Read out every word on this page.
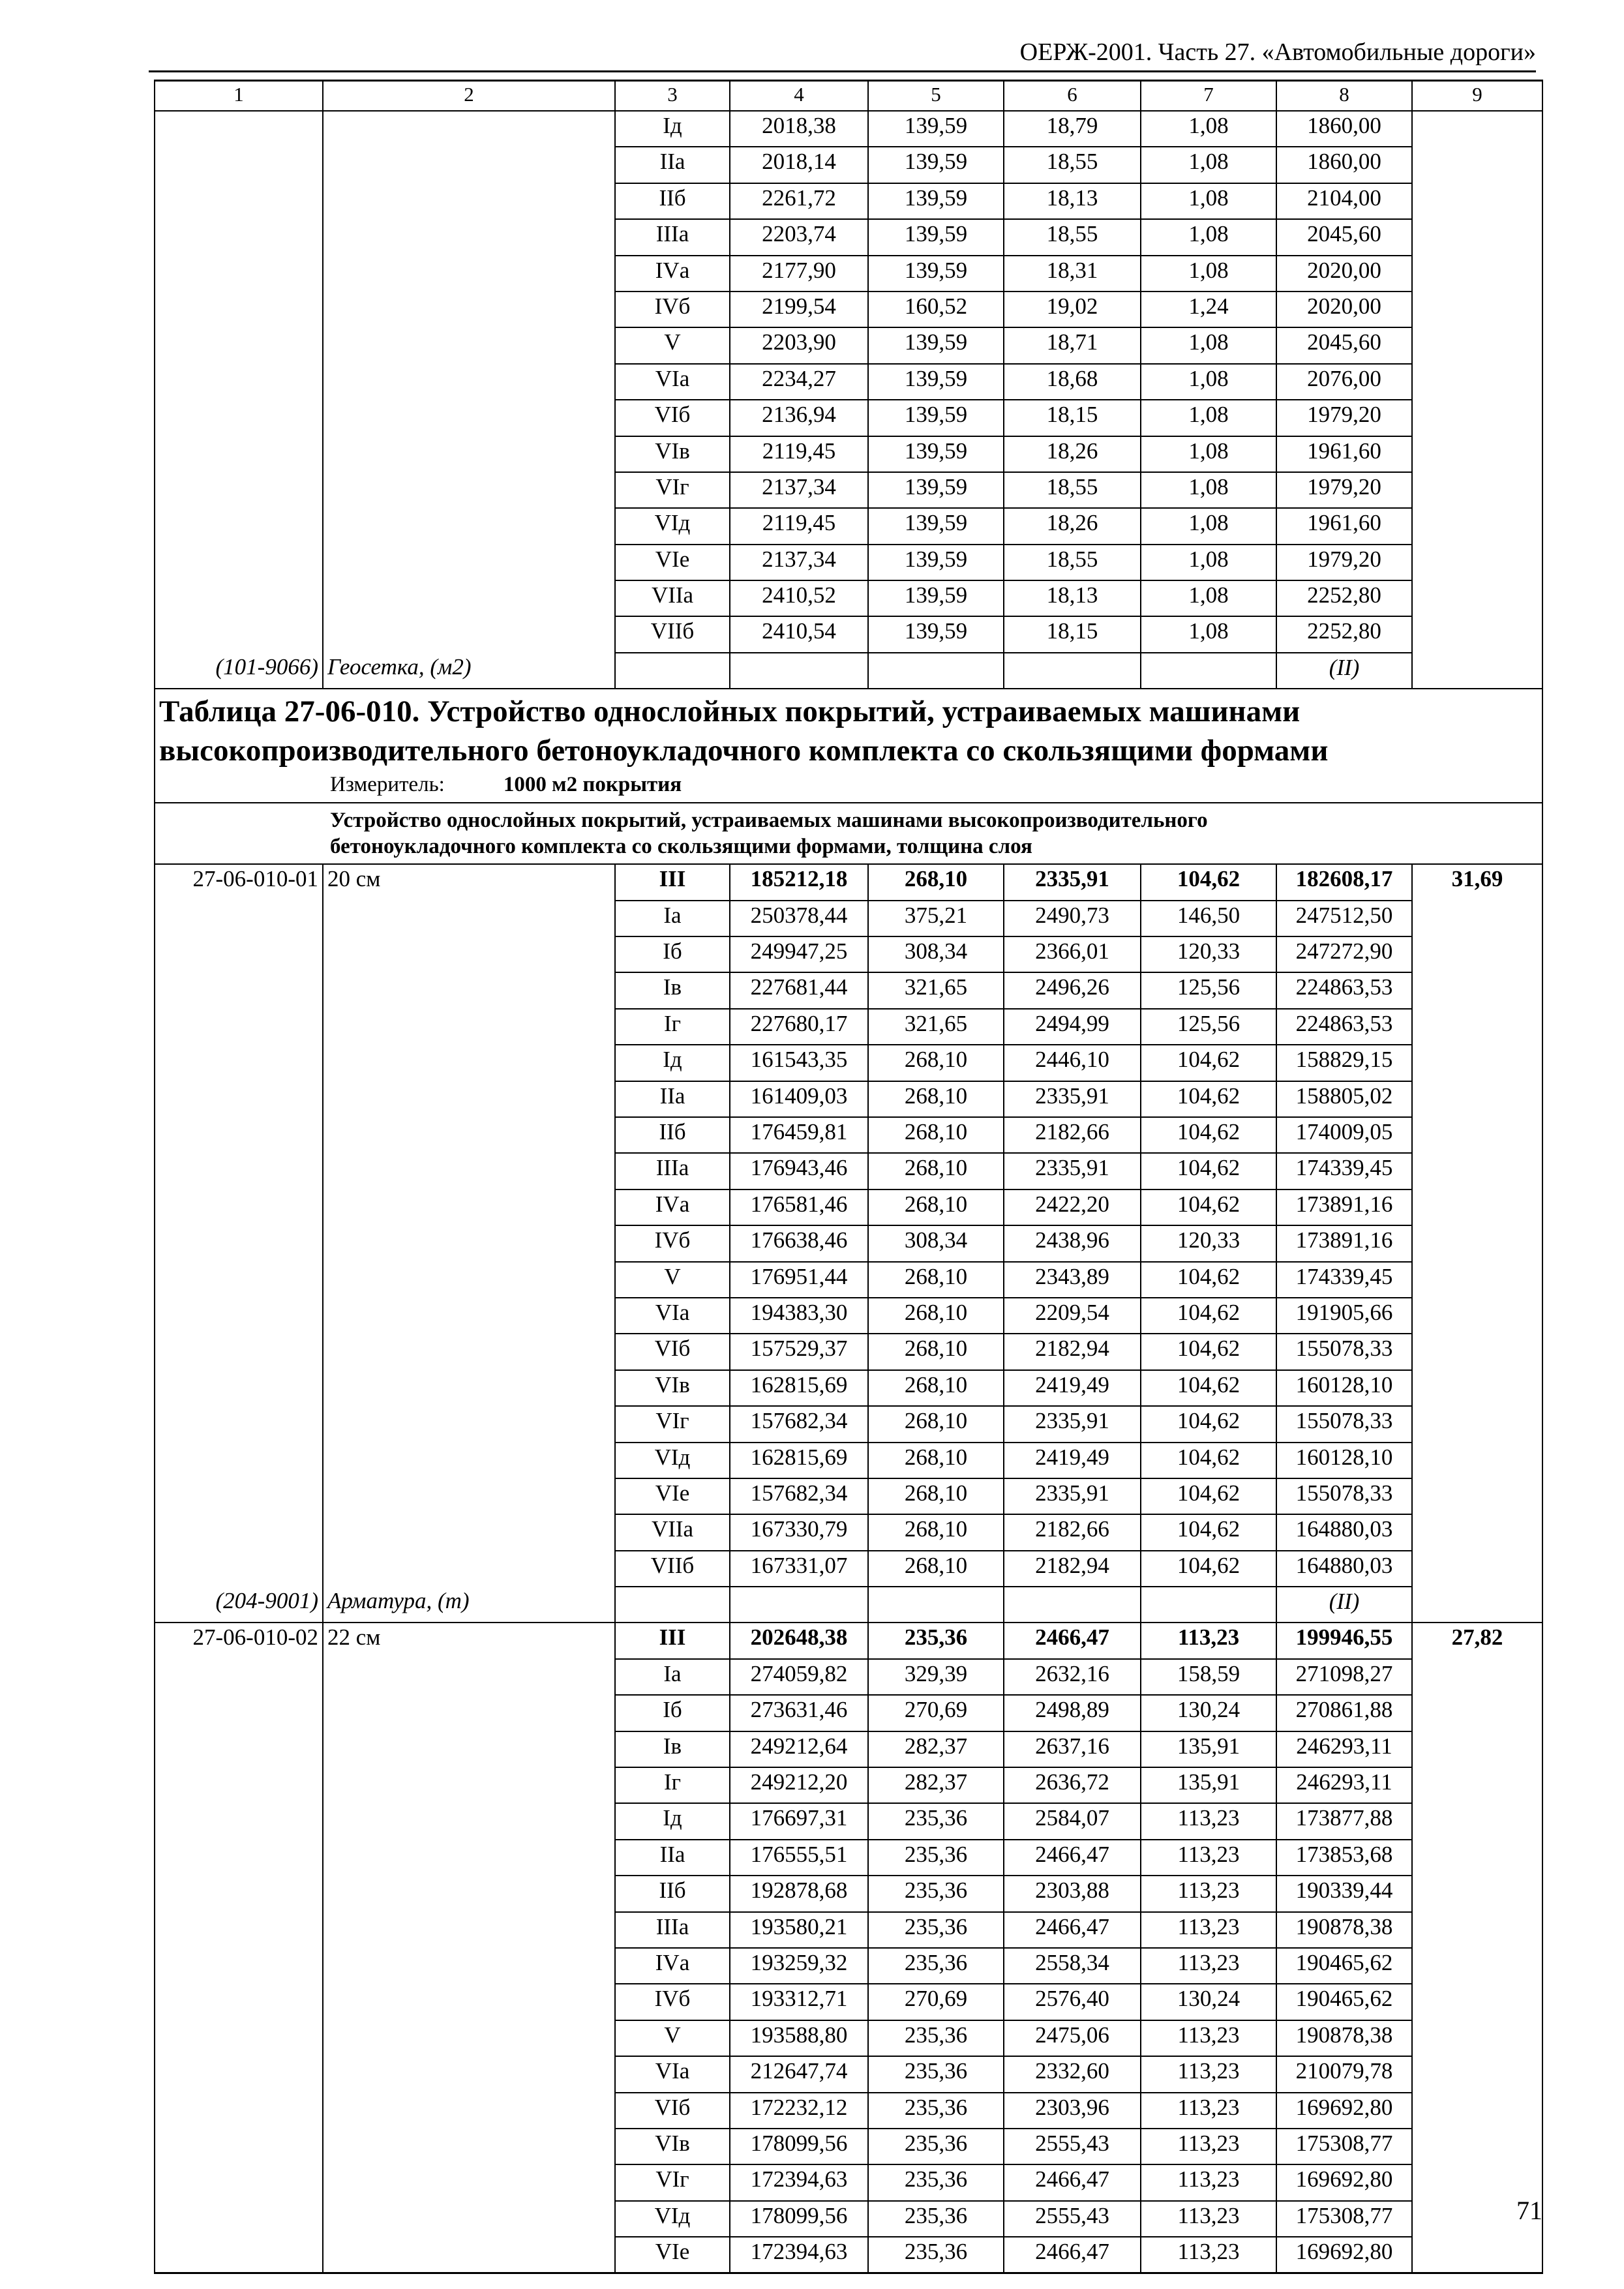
ОЕРЖ-2001. Часть 27. «Автомобильные дороги»
1	2	3	4	5	6	7	8	9
		Iд	2018,38	139,59	18,79	1,08	1860,00	
		IIа	2018,14	139,59	18,55	1,08	1860,00	
		IIб	2261,72	139,59	18,13	1,08	2104,00	
		IIIа	2203,74	139,59	18,55	1,08	2045,60	
		IVа	2177,90	139,59	18,31	1,08	2020,00	
		IVб	2199,54	160,52	19,02	1,24	2020,00	
		V	2203,90	139,59	18,71	1,08	2045,60	
		VIа	2234,27	139,59	18,68	1,08	2076,00	
		VIб	2136,94	139,59	18,15	1,08	1979,20	
		VIв	2119,45	139,59	18,26	1,08	1961,60	
		VIг	2137,34	139,59	18,55	1,08	1979,20	
		VIд	2119,45	139,59	18,26	1,08	1961,60	
		VIе	2137,34	139,59	18,55	1,08	1979,20	
		VIIа	2410,52	139,59	18,13	1,08	2252,80	
		VIIб	2410,54	139,59	18,15	1,08	2252,80	
(101-9066)	Геосетка, (м2)						(II)	

Таблица 27-06-010. Устройство однослойных покрытий, устраиваемых машинами
высокопроизводительного бетоноукладочного комплекта со скользящими формами
Измеритель: 1000 м2 покрытия								

Устройство однослойных покрытий, устраиваемых машинами высокопроизводительного
бетоноукладочного комплекта со скользящими формами, толщина слоя								

27-06-010-01	20 см	III	185212,18	268,10	2335,91	104,62	182608,17	31,69
		Iа	250378,44	375,21	2490,73	146,50	247512,50	
		Iб	249947,25	308,34	2366,01	120,33	247272,90	
		Iв	227681,44	321,65	2496,26	125,56	224863,53	
		Iг	227680,17	321,65	2494,99	125,56	224863,53	
		Iд	161543,35	268,10	2446,10	104,62	158829,15	
		IIа	161409,03	268,10	2335,91	104,62	158805,02	
		IIб	176459,81	268,10	2182,66	104,62	174009,05	
		IIIа	176943,46	268,10	2335,91	104,62	174339,45	
		IVа	176581,46	268,10	2422,20	104,62	173891,16	
		IVб	176638,46	308,34	2438,96	120,33	173891,16	
		V	176951,44	268,10	2343,89	104,62	174339,45	
		VIа	194383,30	268,10	2209,54	104,62	191905,66	
		VIб	157529,37	268,10	2182,94	104,62	155078,33	
		VIв	162815,69	268,10	2419,49	104,62	160128,10	
		VIг	157682,34	268,10	2335,91	104,62	155078,33	
		VIд	162815,69	268,10	2419,49	104,62	160128,10	
		VIе	157682,34	268,10	2335,91	104,62	155078,33	
		VIIа	167330,79	268,10	2182,66	104,62	164880,03	
		VIIб	167331,07	268,10	2182,94	104,62	164880,03	
(204-9001)	Арматура, (т)						(II)	
27-06-010-02	22 см	III	202648,38	235,36	2466,47	113,23	199946,55	27,82
		Iа	274059,82	329,39	2632,16	158,59	271098,27	
		Iб	273631,46	270,69	2498,89	130,24	270861,88	
		Iв	249212,64	282,37	2637,16	135,91	246293,11	
		Iг	249212,20	282,37	2636,72	135,91	246293,11	
		Iд	176697,31	235,36	2584,07	113,23	173877,88	
		IIа	176555,51	235,36	2466,47	113,23	173853,68	
		IIб	192878,68	235,36	2303,88	113,23	190339,44	
		IIIа	193580,21	235,36	2466,47	113,23	190878,38	
		IVа	193259,32	235,36	2558,34	113,23	190465,62	
		IVб	193312,71	270,69	2576,40	130,24	190465,62	
		V	193588,80	235,36	2475,06	113,23	190878,38	
		VIа	212647,74	235,36	2332,60	113,23	210079,78	
		VIб	172232,12	235,36	2303,96	113,23	169692,80	
		VIв	178099,56	235,36	2555,43	113,23	175308,77	
		VIг	172394,63	235,36	2466,47	113,23	169692,80	
		VIд	178099,56	235,36	2555,43	113,23	175308,77	
		VIе	172394,63	235,36	2466,47	113,23	169692,80	
71
